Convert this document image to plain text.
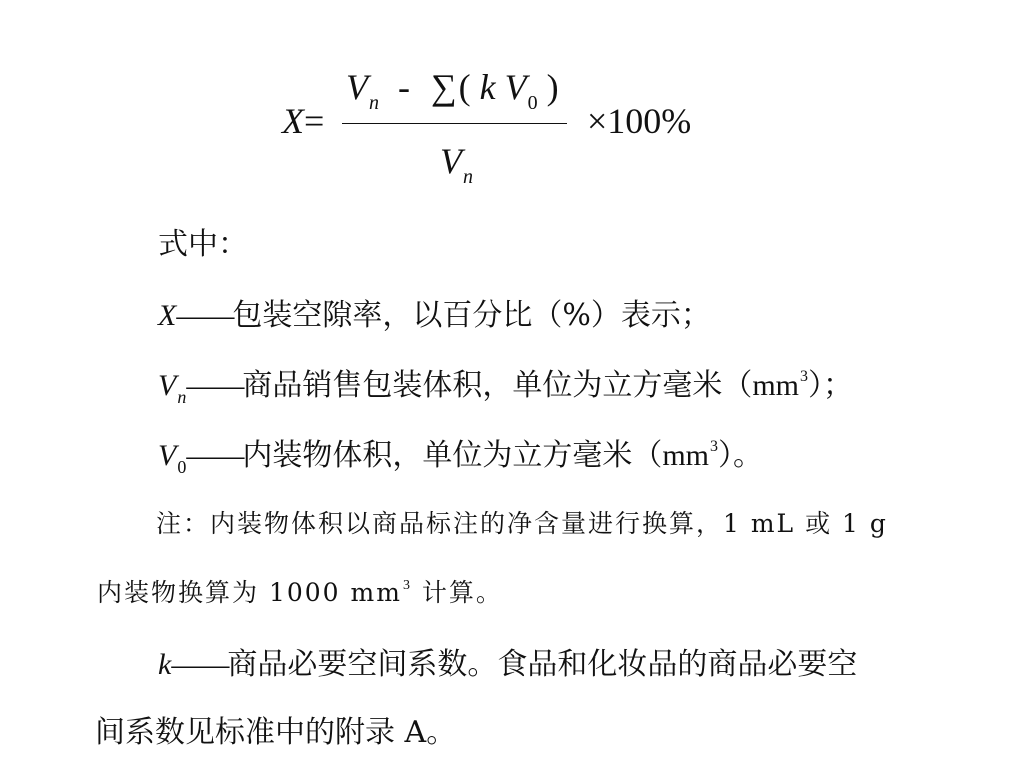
X=
$V_n$ - ∑( k $V_0$ )
$V_n$
×100%
式中：
X——包装空隙率，以百分比（%）表示；
$V_n——$商品销售包装体积，单位为立方毫米$(mm^3)$；
$V_0——$内装物体积，单位为立方毫米$(mm^3)$。
注：内装物体积以商品标注的净含量进行换算，1 mL 或 1 g
内装物换算为 1000 $mm^3$ 计算。
k——商品必要空间系数。食品和化妆品的商品必要空
间系数见标准中的附录 A。
